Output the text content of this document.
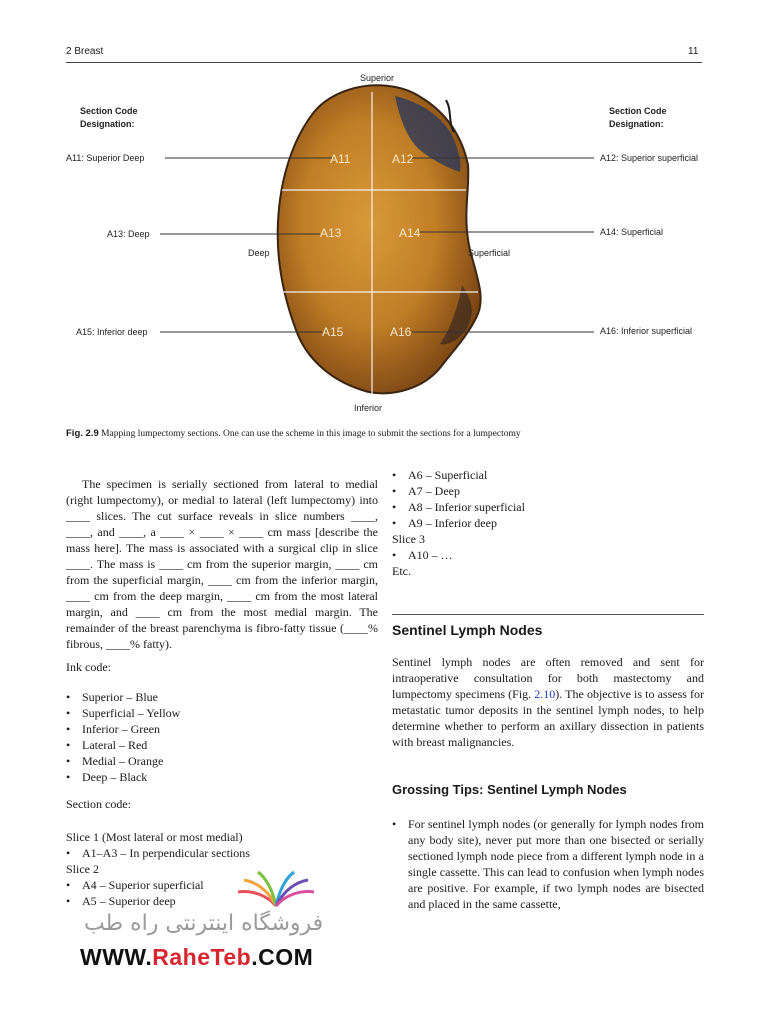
2 Breast	11
A11	A12
A13	A14
A15	A16
Superior
Inferior
Deep	Superficial
Section Code
Designation:
Section Code
Designation:
A11: Superior Deep
A13: Deep
A15: Inferior deep
A12: Superior superficial
A14: Superficial
A16: Inferior superficial
Fig. 2.9 Mapping lumpectomy sections. One can use the scheme in this image to submit the sections for a lumpectomy
The specimen is serially sectioned from lateral to medial (right lumpectomy), or medial to lateral (left lumpectomy) into ____ slices. The cut surface reveals in slice numbers ____, ____, and ____, a ____ × ____ × ____ cm mass [describe the mass here]. The mass is associated with a surgical clip in slice ____. The mass is ____ cm from the superior margin, ____ cm from the superficial margin, ____ cm from the inferior margin, ____ cm from the deep margin, ____ cm from the most lateral margin, and ____ cm from the most medial margin. The remainder of the breast parenchyma is fibro-fatty tissue (____% fibrous, ____% fatty).
Ink code:
• Superior – Blue
• Superficial – Yellow
• Inferior – Green
• Lateral – Red
• Medial – Orange
• Deep – Black
Section code:
Slice 1 (Most lateral or most medial)
• A1–A3 – In perpendicular sections
Slice 2
• A4 – Superior superficial
• A5 – Superior deep
• A6 – Superficial
• A7 – Deep
• A8 – Inferior superficial
• A9 – Inferior deep
Slice 3
• A10 – …
Etc.
Sentinel Lymph Nodes
Sentinel lymph nodes are often removed and sent for intraoperative consultation for both mastectomy and lumpectomy specimens (Fig. 2.10). The objective is to assess for metastatic tumor deposits in the sentinel lymph nodes, to help determine whether to perform an axillary dissection in patients with breast malignancies.
Grossing Tips: Sentinel Lymph Nodes
• For sentinel lymph nodes (or generally for lymph nodes from any body site), never put more than one bisected or serially sectioned lymph node piece from a different lymph node in a single cassette. This can lead to confusion when lymph nodes are positive. For example, if two lymph nodes are bisected and placed in the same cassette,
فروشگاه اینترنتی راه طب
WWW.RaheTeb.COM
